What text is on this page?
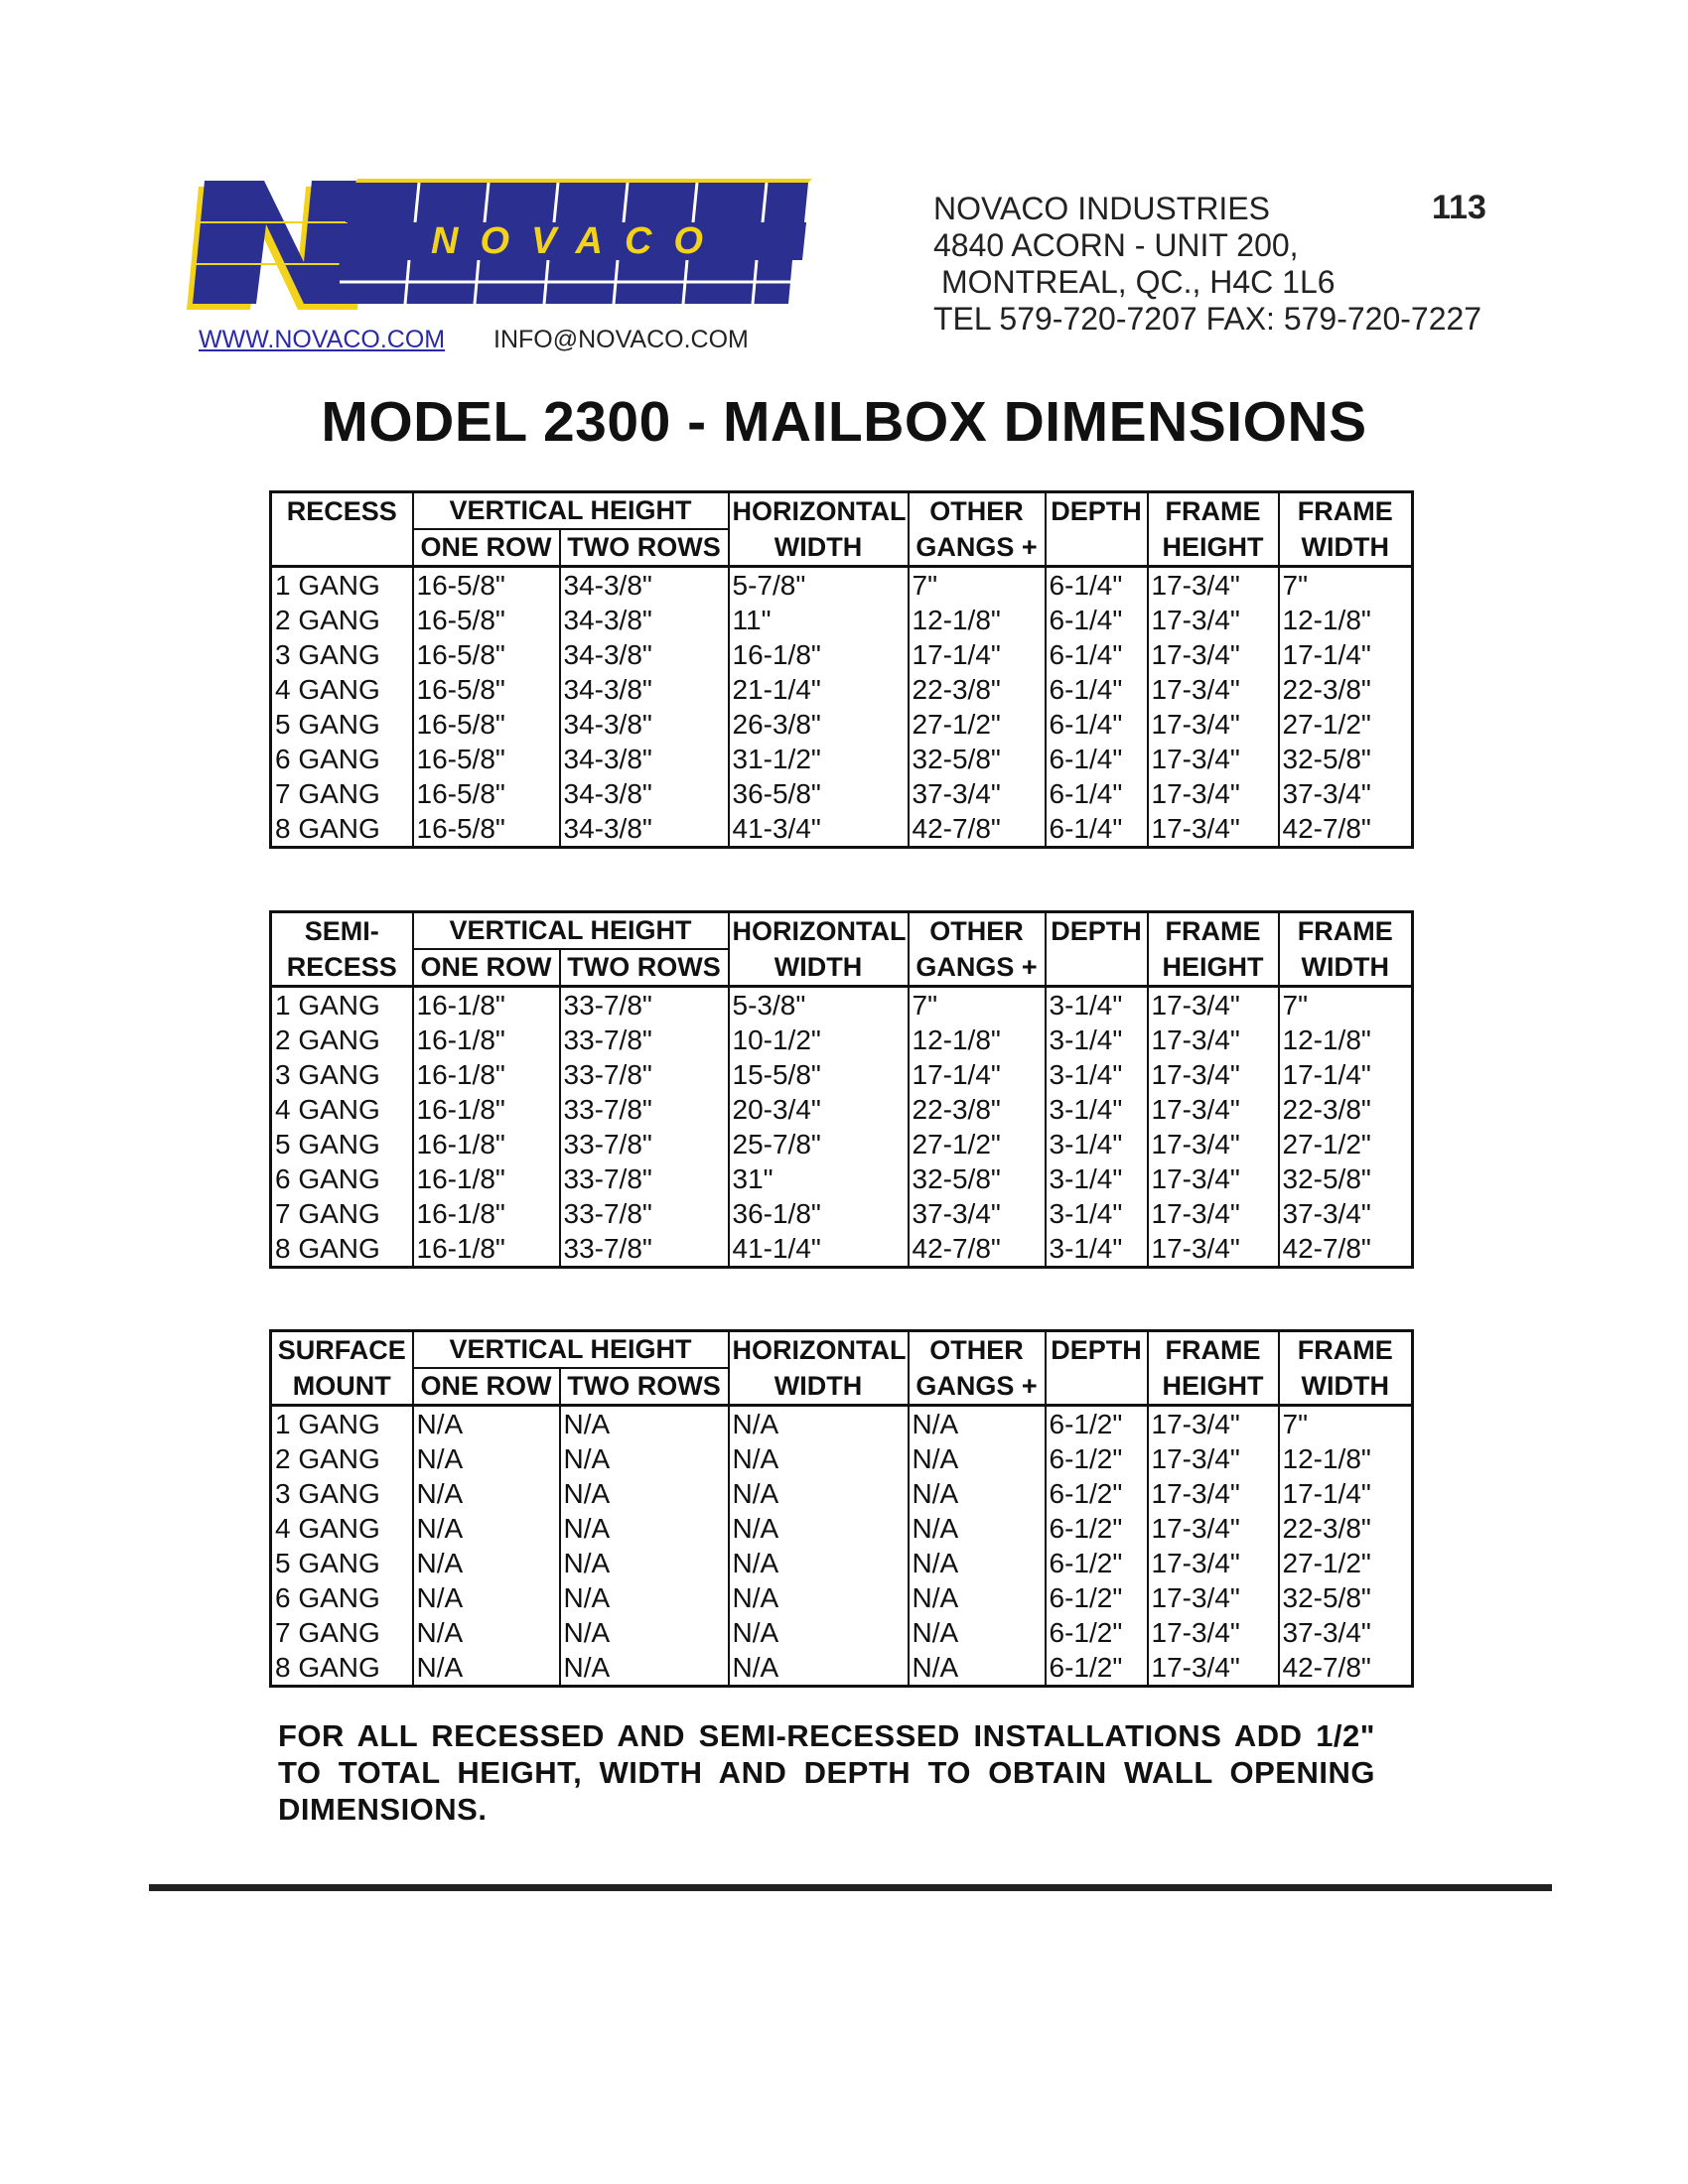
NOVACO
WWW.NOVACO.COM INFO@NOVACO.COM
NOVACO INDUSTRIES
4840 ACORN - UNIT 200,
MONTREAL, QC., H4C 1L6
TEL 579-720-7207 FAX: 579-720-7227
113
MODEL 2300 - MAILBOX DIMENSIONS
RECESS	VERTICAL HEIGHT		HORIZONTAL	OTHER	DEPTH	FRAME	FRAME
	ONE ROW	TWO ROWS	WIDTH	GANGS +		HEIGHT	WIDTH
1 GANG	16-5/8"	34-3/8"	5-7/8"	7"	6-1/4"	17-3/4"	7"
2 GANG	16-5/8"	34-3/8"	11"	12-1/8"	6-1/4"	17-3/4"	12-1/8"
3 GANG	16-5/8"	34-3/8"	16-1/8"	17-1/4"	6-1/4"	17-3/4"	17-1/4"
4 GANG	16-5/8"	34-3/8"	21-1/4"	22-3/8"	6-1/4"	17-3/4"	22-3/8"
5 GANG	16-5/8"	34-3/8"	26-3/8"	27-1/2"	6-1/4"	17-3/4"	27-1/2"
6 GANG	16-5/8"	34-3/8"	31-1/2"	32-5/8"	6-1/4"	17-3/4"	32-5/8"
7 GANG	16-5/8"	34-3/8"	36-5/8"	37-3/4"	6-1/4"	17-3/4"	37-3/4"
8 GANG	16-5/8"	34-3/8"	41-3/4"	42-7/8"	6-1/4"	17-3/4"	42-7/8"
SEMI-	VERTICAL HEIGHT		HORIZONTAL	OTHER	DEPTH	FRAME	FRAME
RECESS	ONE ROW	TWO ROWS	WIDTH	GANGS +		HEIGHT	WIDTH
1 GANG	16-1/8"	33-7/8"	5-3/8"	7"	3-1/4"	17-3/4"	7"
2 GANG	16-1/8"	33-7/8"	10-1/2"	12-1/8"	3-1/4"	17-3/4"	12-1/8"
3 GANG	16-1/8"	33-7/8"	15-5/8"	17-1/4"	3-1/4"	17-3/4"	17-1/4"
4 GANG	16-1/8"	33-7/8"	20-3/4"	22-3/8"	3-1/4"	17-3/4"	22-3/8"
5 GANG	16-1/8"	33-7/8"	25-7/8"	27-1/2"	3-1/4"	17-3/4"	27-1/2"
6 GANG	16-1/8"	33-7/8"	31"	32-5/8"	3-1/4"	17-3/4"	32-5/8"
7 GANG	16-1/8"	33-7/8"	36-1/8"	37-3/4"	3-1/4"	17-3/4"	37-3/4"
8 GANG	16-1/8"	33-7/8"	41-1/4"	42-7/8"	3-1/4"	17-3/4"	42-7/8"
SURFACE	VERTICAL HEIGHT		HORIZONTAL	OTHER	DEPTH	FRAME	FRAME
MOUNT	ONE ROW	TWO ROWS	WIDTH	GANGS +		HEIGHT	WIDTH
1 GANG	N/A	N/A	N/A	N/A	6-1/2"	17-3/4"	7"
2 GANG	N/A	N/A	N/A	N/A	6-1/2"	17-3/4"	12-1/8"
3 GANG	N/A	N/A	N/A	N/A	6-1/2"	17-3/4"	17-1/4"
4 GANG	N/A	N/A	N/A	N/A	6-1/2"	17-3/4"	22-3/8"
5 GANG	N/A	N/A	N/A	N/A	6-1/2"	17-3/4"	27-1/2"
6 GANG	N/A	N/A	N/A	N/A	6-1/2"	17-3/4"	32-5/8"
7 GANG	N/A	N/A	N/A	N/A	6-1/2"	17-3/4"	37-3/4"
8 GANG	N/A	N/A	N/A	N/A	6-1/2"	17-3/4"	42-7/8"
FOR ALL RECESSED AND SEMI-RECESSED INSTALLATIONS ADD 1/2" TO TOTAL HEIGHT, WIDTH AND DEPTH TO OBTAIN WALL OPENING DIMENSIONS.
